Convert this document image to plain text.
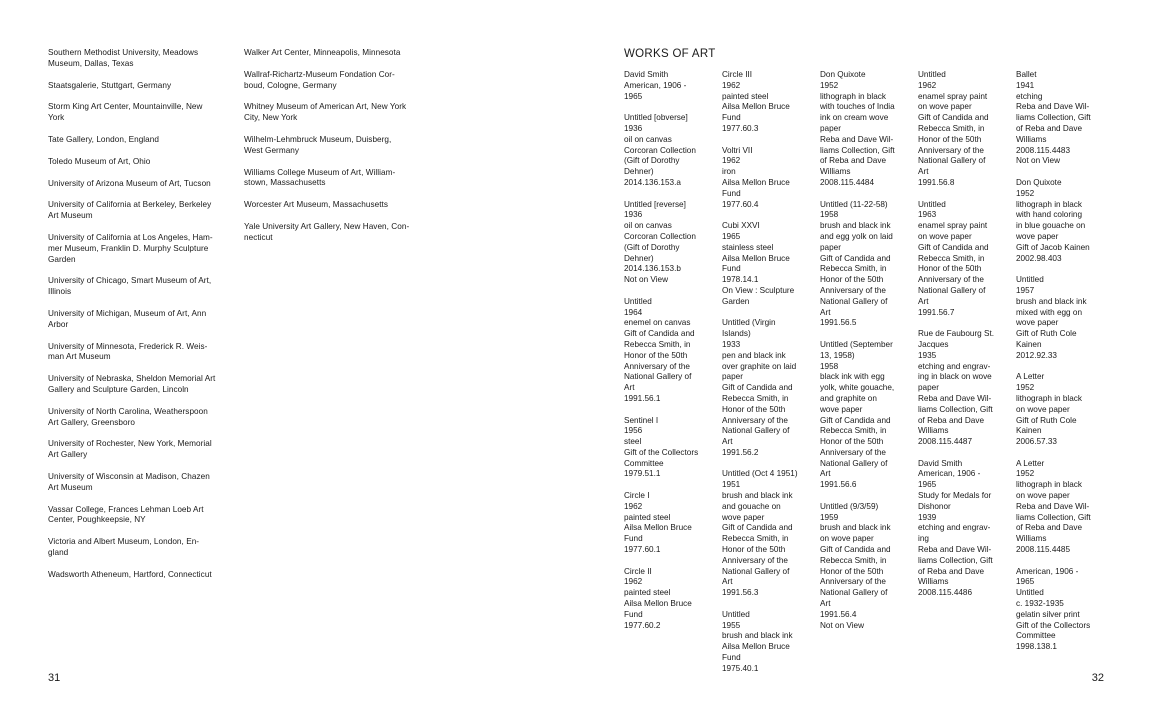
Southern Methodist University, Meadows
Museum, Dallas, Texas
Staatsgalerie, Stuttgart, Germany
Storm King Art Center, Mountainville, New
York
Tate Gallery, London, England
Toledo Museum of Art, Ohio
University of Arizona Museum of Art, Tucson
University of California at Berkeley, Berkeley
Art Museum
University of California at Los Angeles, Ham-
mer Museum, Franklin D. Murphy Sculpture
Garden
University of Chicago, Smart Museum of Art,
Illinois
University of Michigan, Museum of Art, Ann
Arbor
University of Minnesota, Frederick R. Weis-
man Art Museum
University of Nebraska, Sheldon Memorial Art
Gallery and Sculpture Garden, Lincoln
University of North Carolina, Weatherspoon
Art Gallery, Greensboro
University of Rochester, New York, Memorial
Art Gallery
University of Wisconsin at Madison, Chazen
Art Museum
Vassar College, Frances Lehman Loeb Art
Center, Poughkeepsie, NY
Victoria and Albert Museum, London, En-
gland
Wadsworth Atheneum, Hartford, Connecticut
Walker Art Center, Minneapolis, Minnesota
Wallraf-Richartz-Museum Fondation Cor-
boud, Cologne, Germany
Whitney Museum of American Art, New York
City, New York
Wilhelm-Lehmbruck Museum, Duisberg,
West Germany
Williams College Museum of Art, William-
stown, Massachusetts
Worcester Art Museum, Massachusetts
Yale University Art Gallery, New Haven, Con-
necticut
31
WORKS OF ART
David Smith
American, 1906 -
1965
Untitled [obverse]
1936
oil on canvas
Corcoran Collection
(Gift of Dorothy
Dehner)
2014.136.153.a
Untitled [reverse]
1936
oil on canvas
Corcoran Collection
(Gift of Dorothy
Dehner)
2014.136.153.b
Not on View
Untitled
1964
enemel on canvas
Gift of Candida and
Rebecca Smith, in
Honor of the 50th
Anniversary of the
National Gallery of
Art
1991.56.1
Sentinel I
1956
steel
Gift of the Collectors
Committee
1979.51.1
Circle I
1962
painted steel
Ailsa Mellon Bruce
Fund
1977.60.1
Circle II
1962
painted steel
Ailsa Mellon Bruce
Fund
1977.60.2
Circle III
1962
painted steel
Ailsa Mellon Bruce
Fund
1977.60.3
Voltri VII
1962
iron
Ailsa Mellon Bruce
Fund
1977.60.4
Cubi XXVI
1965
stainless steel
Ailsa Mellon Bruce
Fund
1978.14.1
On View : Sculpture
Garden
Untitled (Virgin
Islands)
1933
pen and black ink
over graphite on laid
paper
Gift of Candida and
Rebecca Smith, in
Honor of the 50th
Anniversary of the
National Gallery of
Art
1991.56.2
Untitled (Oct 4 1951)
1951
brush and black ink
and gouache on
wove paper
Gift of Candida and
Rebecca Smith, in
Honor of the 50th
Anniversary of the
National Gallery of
Art
1991.56.3
Untitled
1955
brush and black ink
Ailsa Mellon Bruce
Fund
1975.40.1
Don Quixote
1952
lithograph in black
with touches of India
ink on cream wove
paper
Reba and Dave Wil-
liams Collection, Gift
of Reba and Dave
Williams
2008.115.4484
Untitled (11-22-58)
1958
brush and black ink
and egg yolk on laid
paper
Gift of Candida and
Rebecca Smith, in
Honor of the 50th
Anniversary of the
National Gallery of
Art
1991.56.5
Untitled (September
13, 1958)
1958
black ink with egg
yolk, white gouache,
and graphite on
wove paper
Gift of Candida and
Rebecca Smith, in
Honor of the 50th
Anniversary of the
National Gallery of
Art
1991.56.6
Untitled (9/3/59)
1959
brush and black ink
on wove paper
Gift of Candida and
Rebecca Smith, in
Honor of the 50th
Anniversary of the
National Gallery of
Art
1991.56.4
Not on View
Untitled
1962
enamel spray paint
on wove paper
Gift of Candida and
Rebecca Smith, in
Honor of the 50th
Anniversary of the
National Gallery of
Art
1991.56.8
Untitled
1963
enamel spray paint
on wove paper
Gift of Candida and
Rebecca Smith, in
Honor of the 50th
Anniversary of the
National Gallery of
Art
1991.56.7
Rue de Faubourg St.
Jacques
1935
etching and engrav-
ing in black on wove
paper
Reba and Dave Wil-
liams Collection, Gift
of Reba and Dave
Williams
2008.115.4487
David Smith
American, 1906 -
1965
Study for Medals for
Dishonor
1939
etching and engrav-
ing
Reba and Dave Wil-
liams Collection, Gift
of Reba and Dave
Williams
2008.115.4486
Ballet
1941
etching
Reba and Dave Wil-
liams Collection, Gift
of Reba and Dave
Williams
2008.115.4483
Not on View
Don Quixote
1952
lithograph in black
with hand coloring
in blue gouache on
wove paper
Gift of Jacob Kainen
2002.98.403
Untitled
1957
brush and black ink
mixed with egg on
wove paper
Gift of Ruth Cole
Kainen
2012.92.33
A Letter
1952
lithograph in black
on wove paper
Gift of Ruth Cole
Kainen
2006.57.33
A Letter
1952
lithograph in black
on wove paper
Reba and Dave Wil-
liams Collection, Gift
of Reba and Dave
Williams
2008.115.4485
American, 1906 -
1965
Untitled
c. 1932-1935
gelatin silver print
Gift of the Collectors
Committee
1998.138.1
32
